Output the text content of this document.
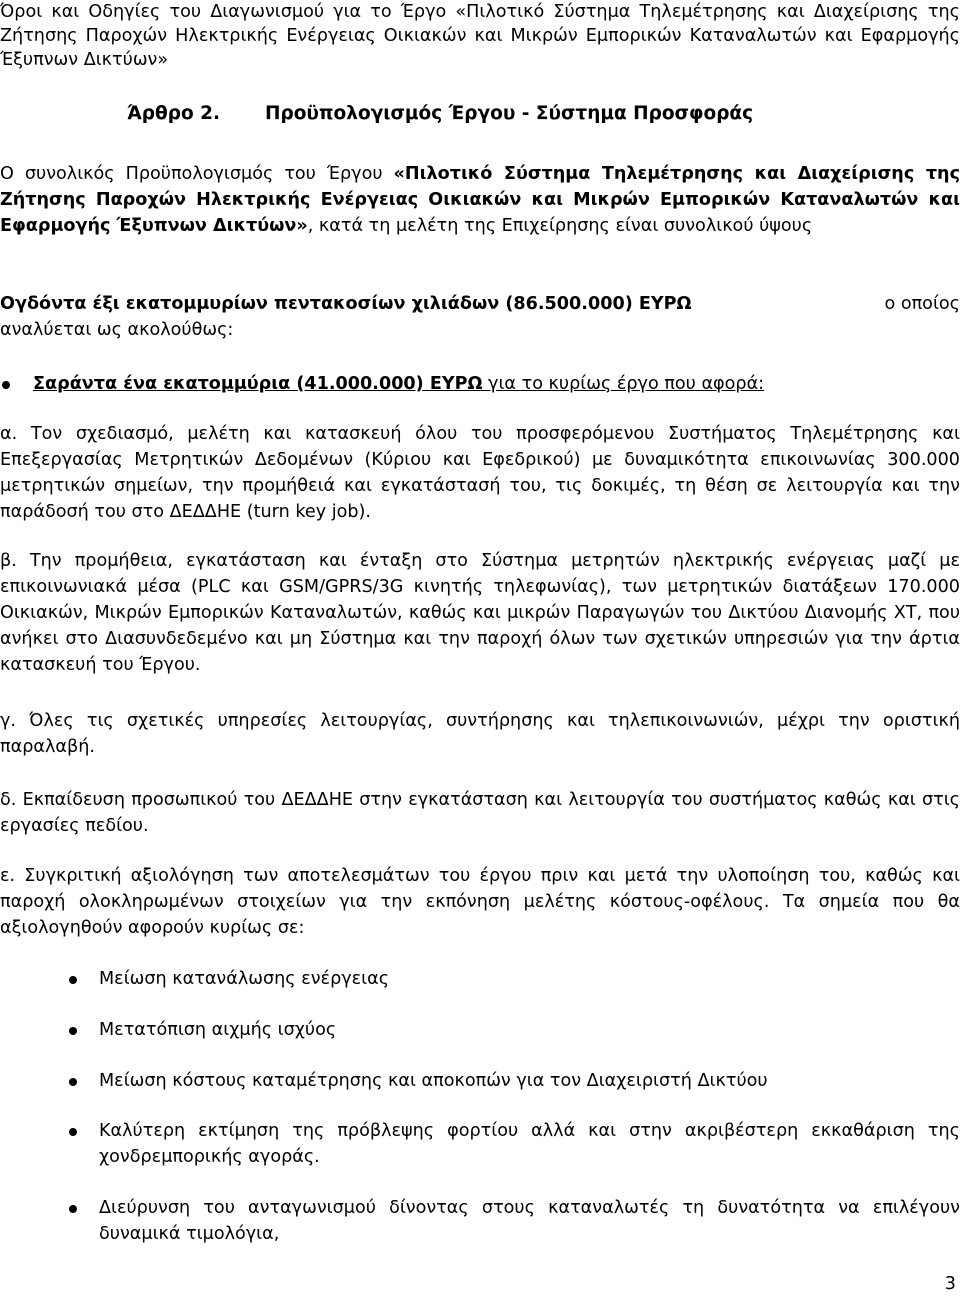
Όροι και Οδηγίες του Διαγωνισμού για το Έργο «Πιλοτικό Σύστημα Τηλεμέτρησης και Διαχείρισης της Ζήτησης Παροχών Ηλεκτρικής Ενέργειας Οικιακών και Μικρών Εμπορικών Καταναλωτών και Εφαρμογής Έξυπνων Δικτύων»

Άρθρο 2. Προϋπολογισμός Έργου - Σύστημα Προσφοράς

Ο συνολικός Προϋπολογισμός του Έργου «Πιλοτικό Σύστημα Τηλεμέτρησης και Διαχείρισης της Ζήτησης Παροχών Ηλεκτρικής Ενέργειας Οικιακών και Μικρών Εμπορικών Καταναλωτών και Εφαρμογής Έξυπνων Δικτύων», κατά τη μελέτη της Επιχείρησης είναι συνολικού ύψους

Ογδόντα έξι εκατομμυρίων πεντακοσίων χιλιάδων (86.500.000) ΕΥΡΩ	ο οποίος
αναλύεται ως ακολούθως:
Σαράντα ένα εκατομμύρια (41.000.000) ΕΥΡΩ για το κυρίως έργο που αφορά:

α. Τον σχεδιασμό, μελέτη και κατασκευή όλου του προσφερόμενου Συστήματος Τηλεμέτρησης και Επεξεργασίας Μετρητικών Δεδομένων (Κύριου και Εφεδρικού) με δυναμικότητα επικοινωνίας 300.000 μετρητικών σημείων, την προμήθειά και εγκατάστασή του, τις δοκιμές, τη θέση σε λειτουργία και την παράδοσή του στο ΔΕΔΔΗΕ (turn key job).

β. Την προμήθεια, εγκατάσταση και ένταξη στο Σύστημα μετρητών ηλεκτρικής ενέργειας μαζί με επικοινωνιακά μέσα (PLC και GSM/GPRS/3G κινητής τηλεφωνίας), των μετρητικών διατάξεων 170.000 Οικιακών, Μικρών Εμπορικών Καταναλωτών, καθώς και μικρών Παραγωγών του Δικτύου Διανομής ΧΤ, που ανήκει στο Διασυνδεδεμένο και μη Σύστημα και την παροχή όλων των σχετικών υπηρεσιών για την άρτια κατασκευή του Έργου.

γ. Όλες τις σχετικές υπηρεσίες λειτουργίας, συντήρησης και τηλεπικοινωνιών, μέχρι την οριστική παραλαβή.

δ. Εκπαίδευση προσωπικού του ΔΕΔΔΗΕ στην εγκατάσταση και λειτουργία του συστήματος καθώς και στις εργασίες πεδίου.

ε. Συγκριτική αξιολόγηση των αποτελεσμάτων του έργου πριν και μετά την υλοποίηση του, καθώς και παροχή ολοκληρωμένων στοιχείων για την εκπόνηση μελέτης κόστους-οφέλους. Τα σημεία που θα αξιολογηθούν αφορούν κυρίως σε:

Μείωση κατανάλωσης ενέργειας
Μετατόπιση αιχμής ισχύος
Μείωση κόστους καταμέτρησης και αποκοπών για τον Διαχειριστή Δικτύου
Καλύτερη εκτίμηση της πρόβλεψης φορτίου αλλά και στην ακριβέστερη εκκαθάριση της χονδρεμπορικής αγοράς.
Διεύρυνση του ανταγωνισμού δίνοντας στους καταναλωτές τη δυνατότητα να επιλέγουν δυναμικά τιμολόγια,
3
